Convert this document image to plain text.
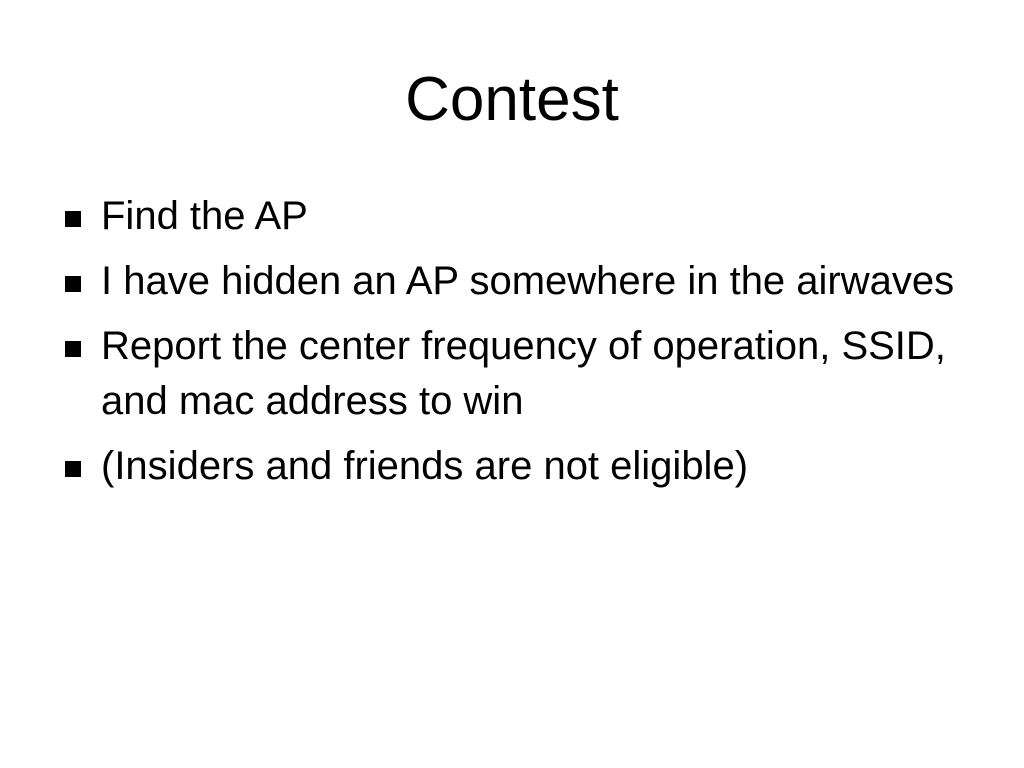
Contest
Find the AP
I have hidden an AP somewhere in the airwaves
Report the center frequency of operation, SSID, and mac address to win
(Insiders and friends are not eligible)
